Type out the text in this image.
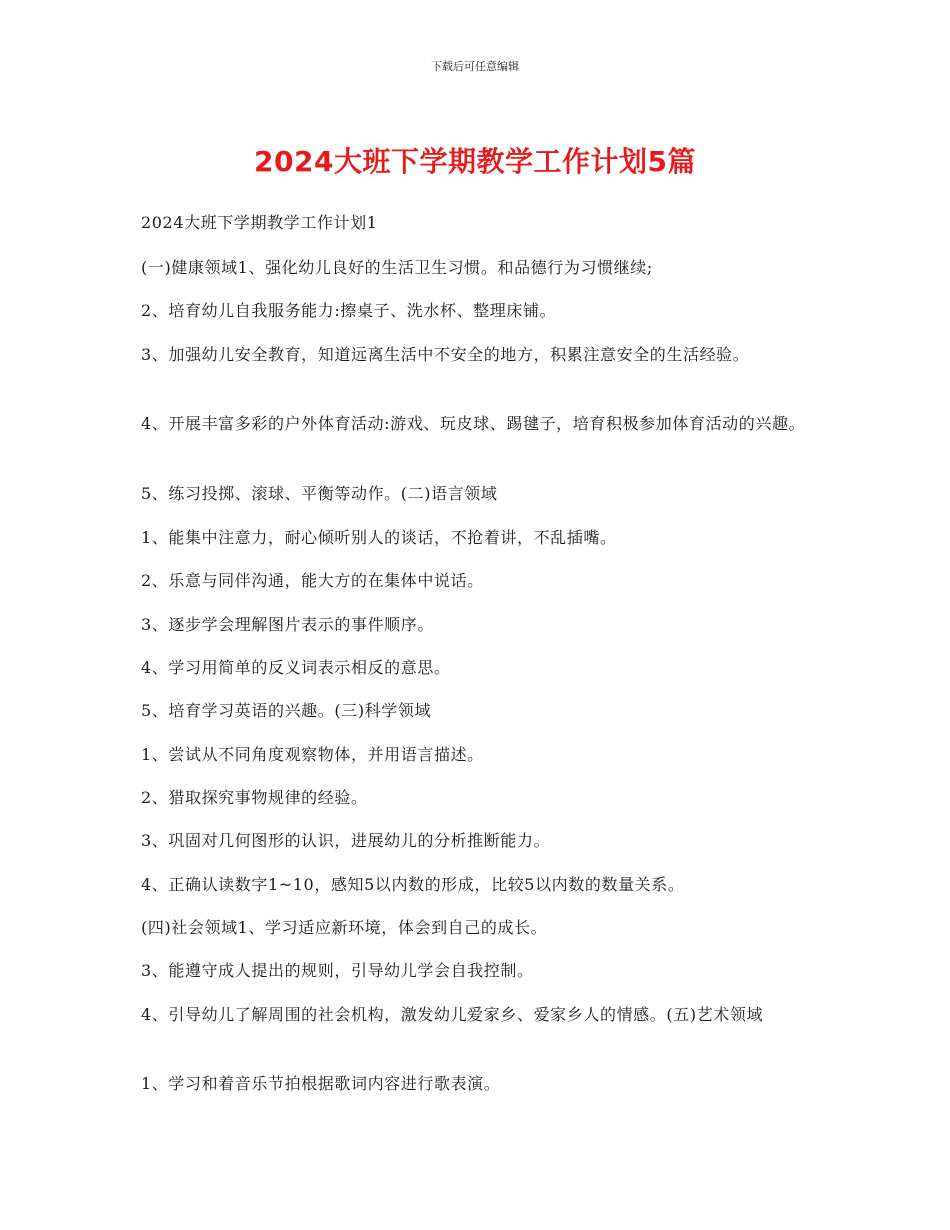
下载后可任意编辑
2024大班下学期教学工作计划5篇

2024大班下学期教学工作计划1

(一)健康领域1、强化幼儿良好的生活卫生习惯。和品德行为习惯继续;

2、培育幼儿自我服务能力:擦桌子、洗水杯、整理床铺。

3、加强幼儿安全教育，知道远离生活中不安全的地方，积累注意安全的生活经验。

4、开展丰富多彩的户外体育活动:游戏、玩皮球、踢毽子，培育积极参加体育活动的兴趣。

5、练习投掷、滚球、平衡等动作。(二)语言领域

1、能集中注意力，耐心倾听别人的谈话，不抢着讲，不乱插嘴。

2、乐意与同伴沟通，能大方的在集体中说话。

3、逐步学会理解图片表示的事件顺序。

4、学习用简单的反义词表示相反的意思。

5、培育学习英语的兴趣。(三)科学领域

1、尝试从不同角度观察物体，并用语言描述。

2、猎取探究事物规律的经验。

3、巩固对几何图形的认识，进展幼儿的分析推断能力。

4、正确认读数字1~10，感知5以内数的形成，比较5以内数的数量关系。

(四)社会领域1、学习适应新环境，体会到自己的成长。

3、能遵守成人提出的规则，引导幼儿学会自我控制。

4、引导幼儿了解周围的社会机构，激发幼儿爱家乡、爱家乡人的情感。(五)艺术领域

1、学习和着音乐节拍根据歌词内容进行歌表演。
